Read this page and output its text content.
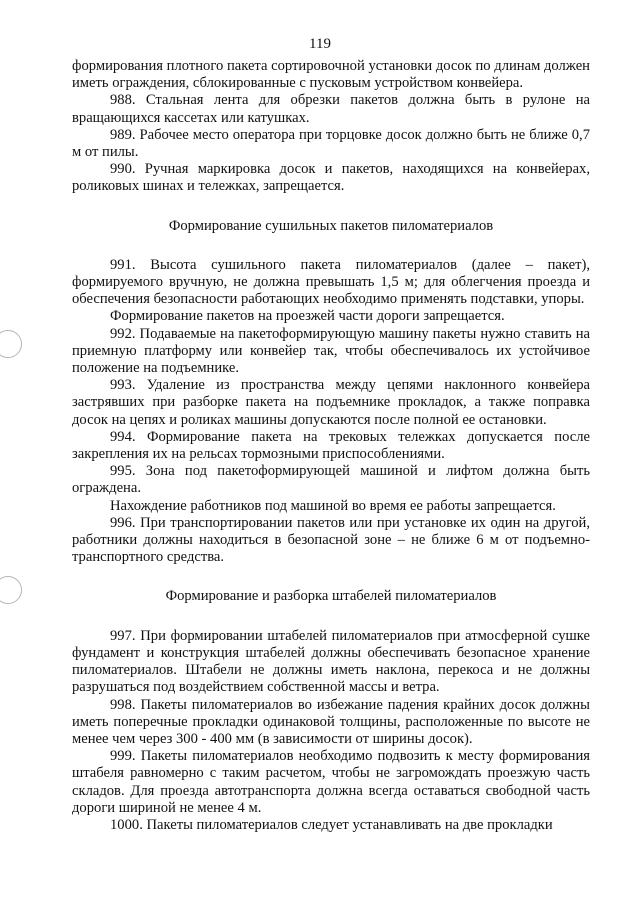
119

формирования плотного пакета сортировочной установки досок по длинам должен иметь ограждения, сблокированные с пусковым устройством конвейера.

988. Стальная лента для обрезки пакетов должна быть в рулоне на вращающихся кассетах или катушках.

989. Рабочее место оператора при торцовке досок должно быть не ближе 0,7 м от пилы.

990. Ручная маркировка досок и пакетов, находящихся на конвейерах, роликовых шинах и тележках, запрещается.

Формирование сушильных пакетов пиломатериалов

991. Высота сушильного пакета пиломатериалов (далее – пакет), формируемого вручную, не должна превышать 1,5 м; для облегчения проезда и обеспечения безопасности работающих необходимо применять подставки, упоры.

Формирование пакетов на проезжей части дороги запрещается.

992. Подаваемые на пакетоформирующую машину пакеты нужно ставить на приемную платформу или конвейер так, чтобы обеспечивалось их устойчивое положение на подъемнике.

993. Удаление из пространства между цепями наклонного конвейера застрявших при разборке пакета на подъемнике прокладок, а также поправка досок на цепях и роликах машины допускаются после полной ее остановки.

994. Формирование пакета на трековых тележках допускается после закрепления их на рельсах тормозными приспособлениями.

995. Зона под пакетоформирующей машиной и лифтом должна быть ограждена.

Нахождение работников под машиной во время ее работы запрещается.

996. При транспортировании пакетов или при установке их один на другой, работники должны находиться в безопасной зоне – не ближе 6 м от подъемно-транспортного средства.

Формирование и разборка штабелей пиломатериалов

997. При формировании штабелей пиломатериалов при атмосферной сушке фундамент и конструкция штабелей должны обеспечивать безопасное хранение пиломатериалов. Штабели не должны иметь наклона, перекоса и не должны разрушаться под воздействием собственной массы и ветра.

998. Пакеты пиломатериалов во избежание падения крайних досок должны иметь поперечные прокладки одинаковой толщины, расположенные по высоте не менее чем через 300 - 400 мм (в зависимости от ширины досок).

999. Пакеты пиломатериалов необходимо подвозить к месту формирования штабеля равномерно с таким расчетом, чтобы не загромождать проезжую часть складов. Для проезда автотранспорта должна всегда оставаться свободной часть дороги шириной не менее 4 м.

1000. Пакеты пиломатериалов следует устанавливать на две прокладки
